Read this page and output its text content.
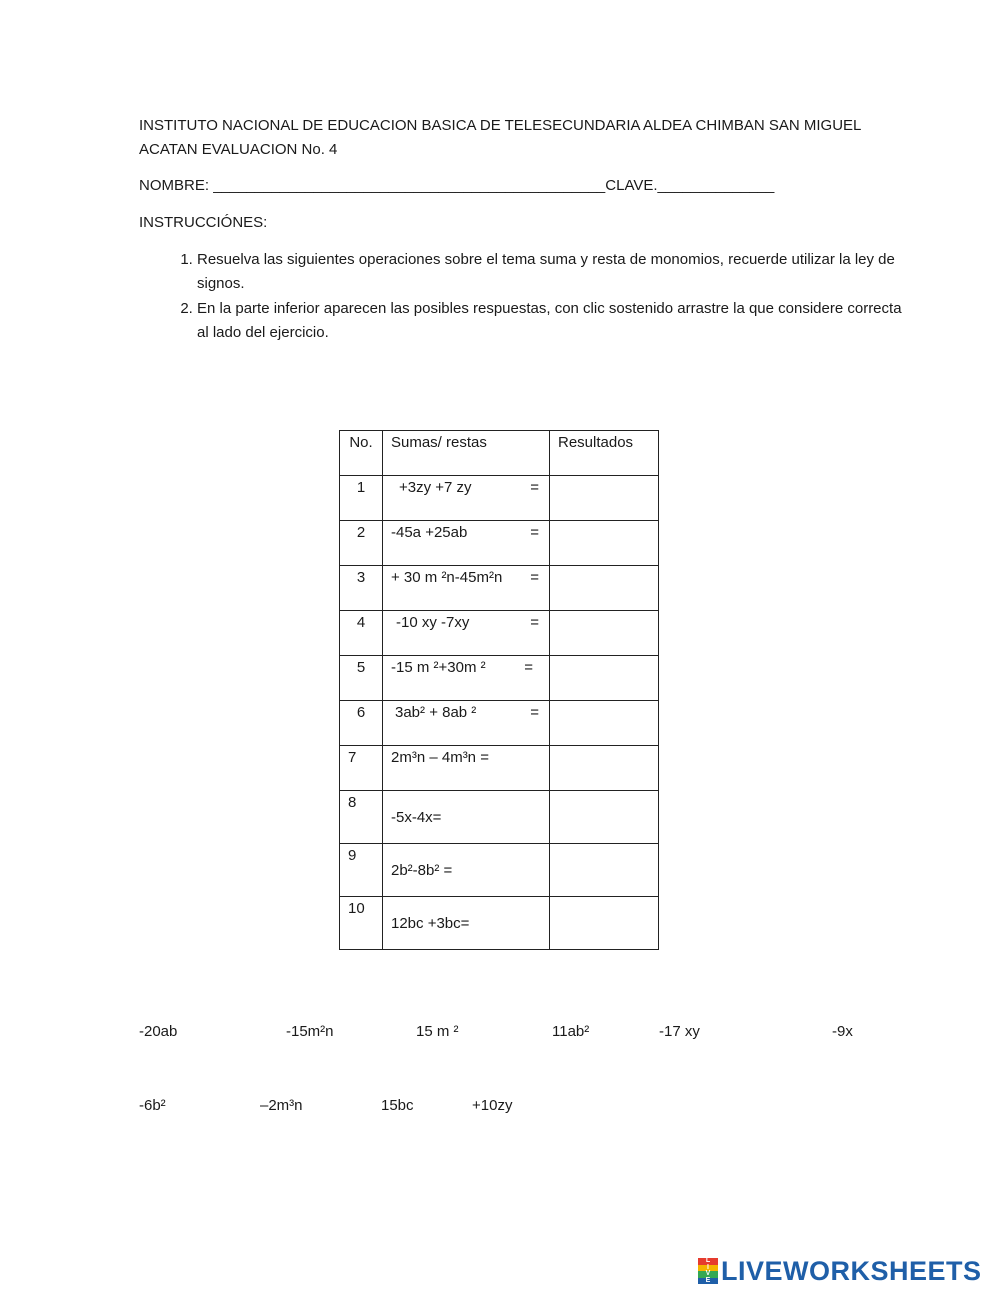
INSTITUTO NACIONAL DE EDUCACION BASICA DE TELESECUNDARIA ALDEA CHIMBAN SAN MIGUEL
ACATAN EVALUACION No. 4
NOMBRE: _______________________________________________CLAVE.______________
INSTRUCCIÓNES:
1. Resuelva las siguientes operaciones sobre el tema suma y resta de monomios, recuerde utilizar la ley de signos.
2. En la parte inferior aparecen las posibles respuestas, con clic sostenido arrastre la que considere correcta al lado del ejercicio.
No.	Sumas/ restas	Resultados
1	+3zy +7 zy =	

2	-45a +25ab =	

3	+ 30 m ²n-45m²n =	

4	-10 xy -7xy =	

5	-15 m ²+30m ² =	

6	3ab² + 8ab ² =	

7	2m³n – 4m³n =	
8	-5x-4x=	

9	2b²-8b² =	

10	12bc +3bc=	

-20ab	-15m²n	15 m ²	11ab²	-17 xy	-9x
-6b²	–2m³n	15bc	+10zy
L
I
V
E LIVEWORKSHEETS
